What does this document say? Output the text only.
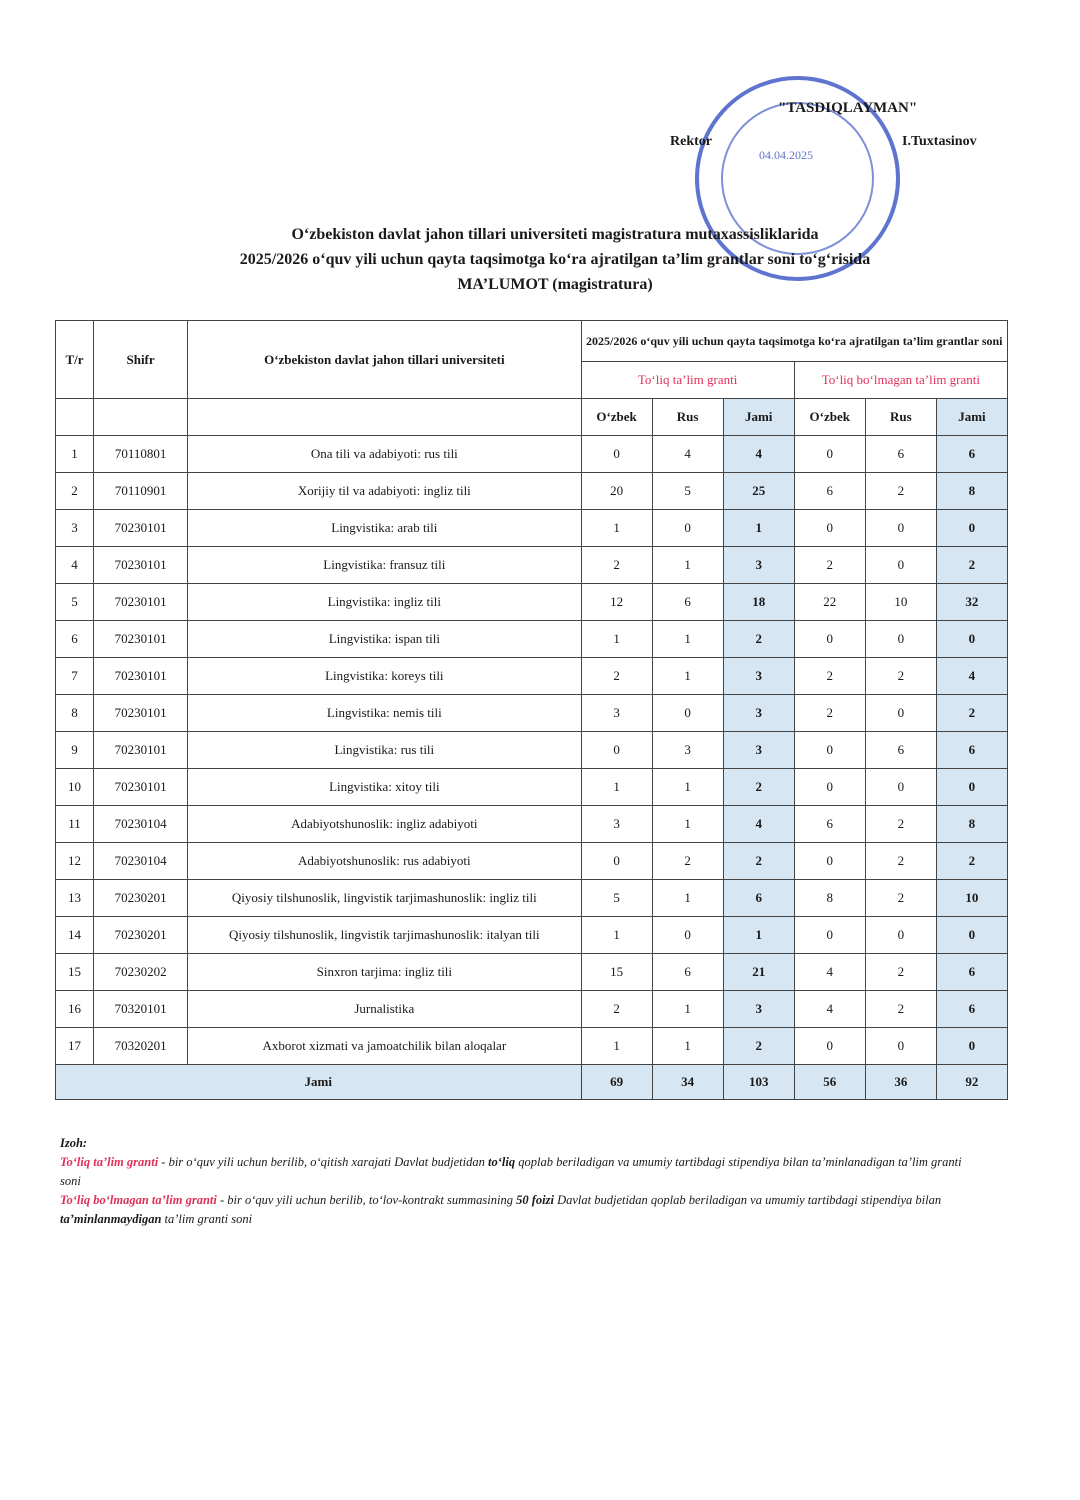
04.04.2025
"TASDIQLAYMAN"
Rektor	I.Tuxtasinov
O‘zbekiston davlat jahon tillari universiteti magistratura mutaxassisliklarida
2025/2026 o‘quv yili uchun qayta taqsimotga ko‘ra ajratilgan ta’lim grantlar soni to‘g‘risida
MA’LUMOT (magistratura)
T/r	Shifr	O‘zbekiston davlat jahon tillari universiteti	2025/2026 o‘quv yili uchun qayta taqsimotga ko‘ra ajratilgan ta’lim grantlar soni					
			To‘liq ta’lim granti			To‘liq bo‘lmagan ta’lim granti		
			O‘zbek	Rus	Jami	O‘zbek	Rus	Jami
1	70110801	Ona tili va adabiyoti: rus tili	0	4	4	0	6	6
2	70110901	Xorijiy til va adabiyoti: ingliz tili	20	5	25	6	2	8
3	70230101	Lingvistika: arab tili	1	0	1	0	0	0
4	70230101	Lingvistika: fransuz tili	2	1	3	2	0	2
5	70230101	Lingvistika: ingliz tili	12	6	18	22	10	32
6	70230101	Lingvistika: ispan tili	1	1	2	0	0	0
7	70230101	Lingvistika: koreys tili	2	1	3	2	2	4
8	70230101	Lingvistika: nemis tili	3	0	3	2	0	2
9	70230101	Lingvistika: rus tili	0	3	3	0	6	6
10	70230101	Lingvistika: xitoy tili	1	1	2	0	0	0
11	70230104	Adabiyotshunoslik: ingliz adabiyoti	3	1	4	6	2	8
12	70230104	Adabiyotshunoslik: rus adabiyoti	0	2	2	0	2	2
13	70230201	Qiyosiy tilshunoslik, lingvistik tarjimashunoslik: ingliz tili	5	1	6	8	2	10
14	70230201	Qiyosiy tilshunoslik, lingvistik tarjimashunoslik: italyan tili	1	0	1	0	0	0
15	70230202	Sinxron tarjima: ingliz tili	15	6	21	4	2	6
16	70320101	Jurnalistika	2	1	3	4	2	6
17	70320201	Axborot xizmati va jamoatchilik bilan aloqalar	1	1	2	0	0	0
Jami			69	34	103	56	36	92
Izoh:
To‘liq ta’lim granti - bir o‘quv yili uchun berilib, o‘qitish xarajati Davlat budjetidan to‘liq qoplab beriladigan va umumiy tartibdagi stipendiya bilan ta’minlanadigan ta’lim granti soni
To‘liq bo‘lmagan ta’lim granti - bir o‘quv yili uchun berilib, to‘lov-kontrakt summasining 50 foizi Davlat budjetidan qoplab beriladigan va umumiy tartibdagi stipendiya bilan ta’minlanmaydigan ta’lim granti soni
